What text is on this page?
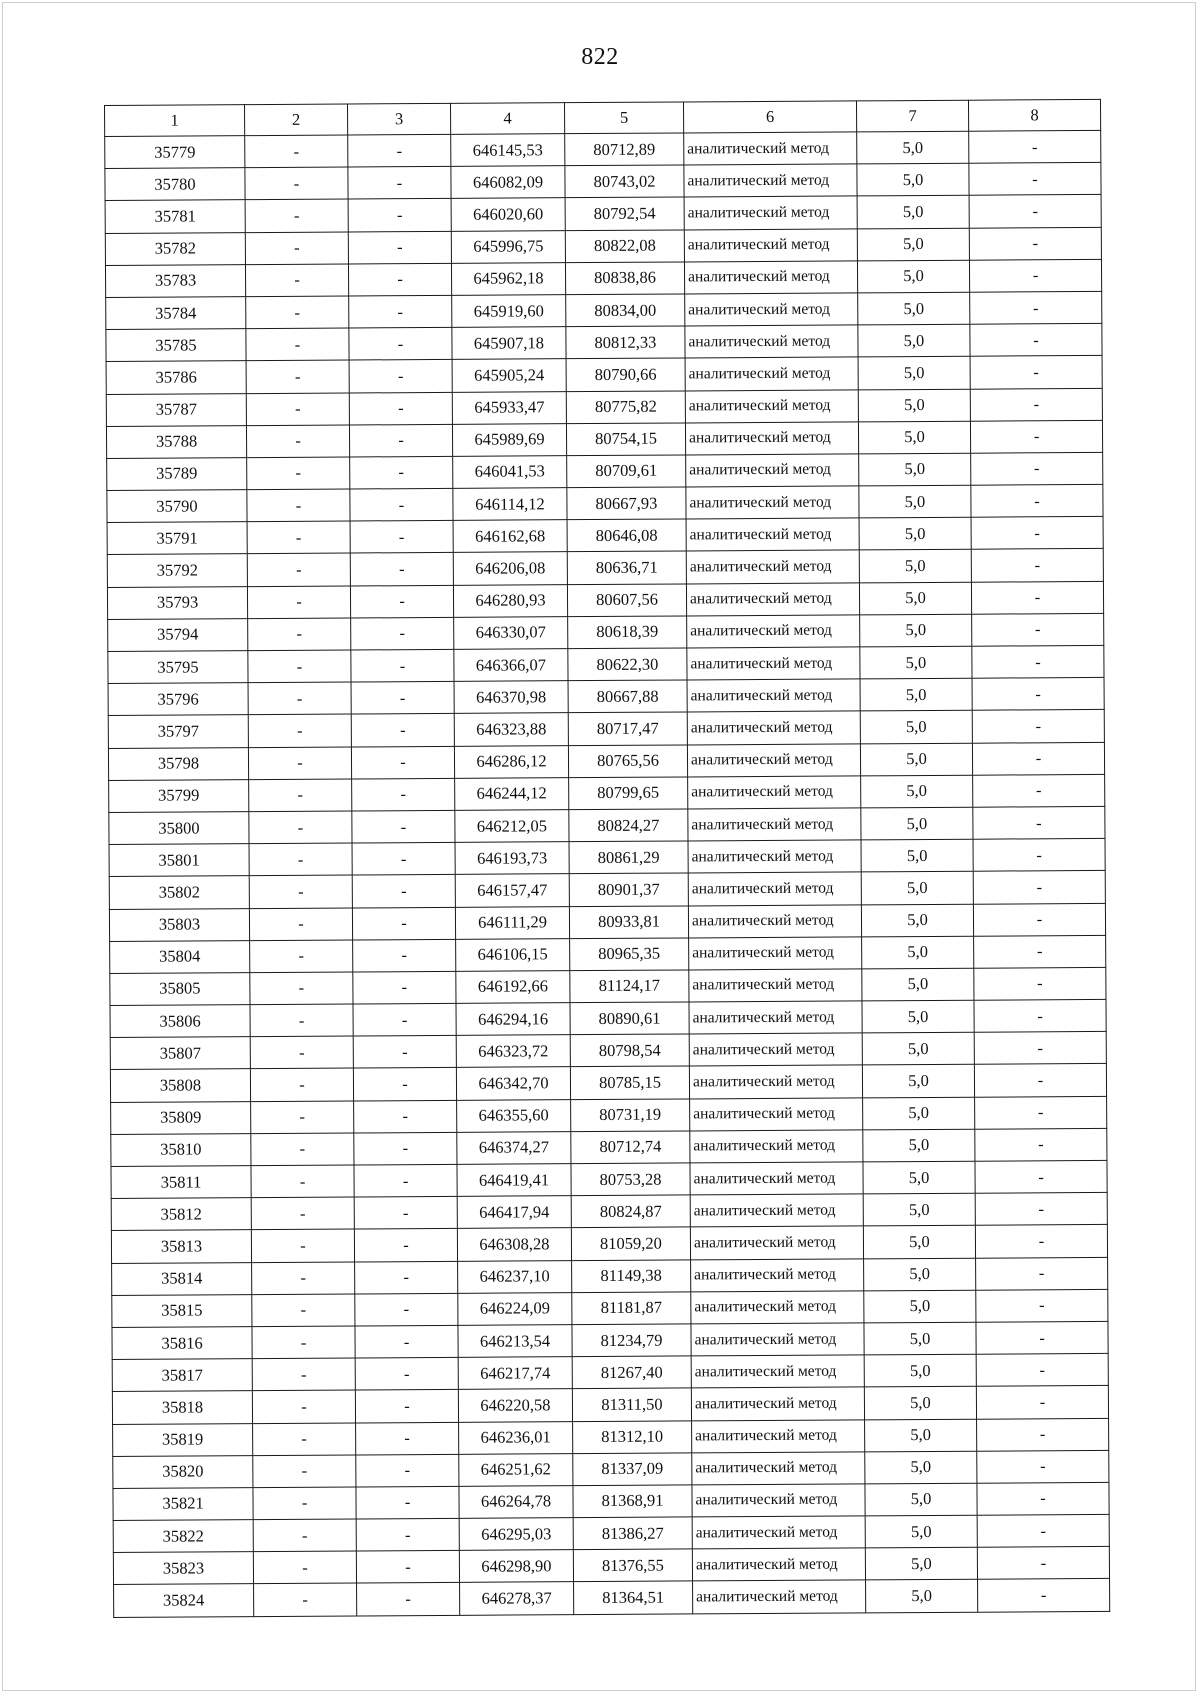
822
1	2	3	4	5	6	7	8
35779	-	-	646145,53	80712,89	аналитический метод	5,0	-
35780	-	-	646082,09	80743,02	аналитический метод	5,0	-
35781	-	-	646020,60	80792,54	аналитический метод	5,0	-
35782	-	-	645996,75	80822,08	аналитический метод	5,0	-
35783	-	-	645962,18	80838,86	аналитический метод	5,0	-
35784	-	-	645919,60	80834,00	аналитический метод	5,0	-
35785	-	-	645907,18	80812,33	аналитический метод	5,0	-
35786	-	-	645905,24	80790,66	аналитический метод	5,0	-
35787	-	-	645933,47	80775,82	аналитический метод	5,0	-
35788	-	-	645989,69	80754,15	аналитический метод	5,0	-
35789	-	-	646041,53	80709,61	аналитический метод	5,0	-
35790	-	-	646114,12	80667,93	аналитический метод	5,0	-
35791	-	-	646162,68	80646,08	аналитический метод	5,0	-
35792	-	-	646206,08	80636,71	аналитический метод	5,0	-
35793	-	-	646280,93	80607,56	аналитический метод	5,0	-
35794	-	-	646330,07	80618,39	аналитический метод	5,0	-
35795	-	-	646366,07	80622,30	аналитический метод	5,0	-
35796	-	-	646370,98	80667,88	аналитический метод	5,0	-
35797	-	-	646323,88	80717,47	аналитический метод	5,0	-
35798	-	-	646286,12	80765,56	аналитический метод	5,0	-
35799	-	-	646244,12	80799,65	аналитический метод	5,0	-
35800	-	-	646212,05	80824,27	аналитический метод	5,0	-
35801	-	-	646193,73	80861,29	аналитический метод	5,0	-
35802	-	-	646157,47	80901,37	аналитический метод	5,0	-
35803	-	-	646111,29	80933,81	аналитический метод	5,0	-
35804	-	-	646106,15	80965,35	аналитический метод	5,0	-
35805	-	-	646192,66	81124,17	аналитический метод	5,0	-
35806	-	-	646294,16	80890,61	аналитический метод	5,0	-
35807	-	-	646323,72	80798,54	аналитический метод	5,0	-
35808	-	-	646342,70	80785,15	аналитический метод	5,0	-
35809	-	-	646355,60	80731,19	аналитический метод	5,0	-
35810	-	-	646374,27	80712,74	аналитический метод	5,0	-
35811	-	-	646419,41	80753,28	аналитический метод	5,0	-
35812	-	-	646417,94	80824,87	аналитический метод	5,0	-
35813	-	-	646308,28	81059,20	аналитический метод	5,0	-
35814	-	-	646237,10	81149,38	аналитический метод	5,0	-
35815	-	-	646224,09	81181,87	аналитический метод	5,0	-
35816	-	-	646213,54	81234,79	аналитический метод	5,0	-
35817	-	-	646217,74	81267,40	аналитический метод	5,0	-
35818	-	-	646220,58	81311,50	аналитический метод	5,0	-
35819	-	-	646236,01	81312,10	аналитический метод	5,0	-
35820	-	-	646251,62	81337,09	аналитический метод	5,0	-
35821	-	-	646264,78	81368,91	аналитический метод	5,0	-
35822	-	-	646295,03	81386,27	аналитический метод	5,0	-
35823	-	-	646298,90	81376,55	аналитический метод	5,0	-
35824	-	-	646278,37	81364,51	аналитический метод	5,0	-
